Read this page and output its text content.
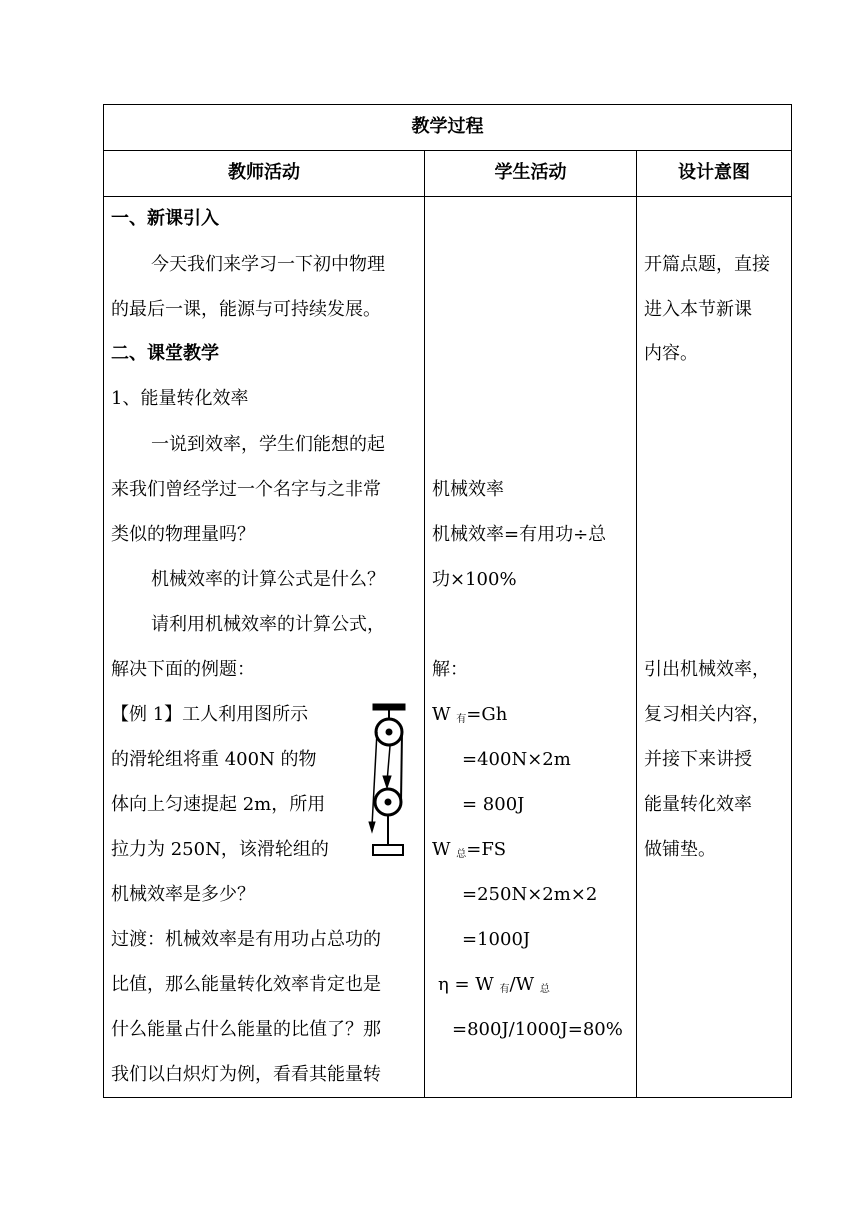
教学过程
教师活动	学生活动	设计意图
一、新课引入
今天我们来学习一下初中物理
的最后一课，能源与可持续发展。
二、课堂教学
1、能量转化效率
一说到效率，学生们能想的起
来我们曾经学过一个名字与之非常
类似的物理量吗？
机械效率的计算公式是什么？
请利用机械效率的计算公式，
解决下面的例题：
【例 1】工人利用图所示
的滑轮组将重 400N 的物
体向上匀速提起 2m，所用
拉力为 250N，该滑轮组的
机械效率是多少？
过渡：机械效率是有用功占总功的
比值，那么能量转化效率肯定也是
什么能量占什么能量的比值了？那
我们以白炽灯为例，看看其能量转
机械效率
机械效率=有用功÷总
功×100%
解：
W $_有$=Gh
=400N×2m
= 800J
W $_总$=FS
=250N×2m×2
=1000J
η = W $_有$/W $_总$
=800J/1000J=80%
开篇点题，直接
进入本节新课
内容。
引出机械效率，
复习相关内容，
并接下来讲授
能量转化效率
做铺垫。
